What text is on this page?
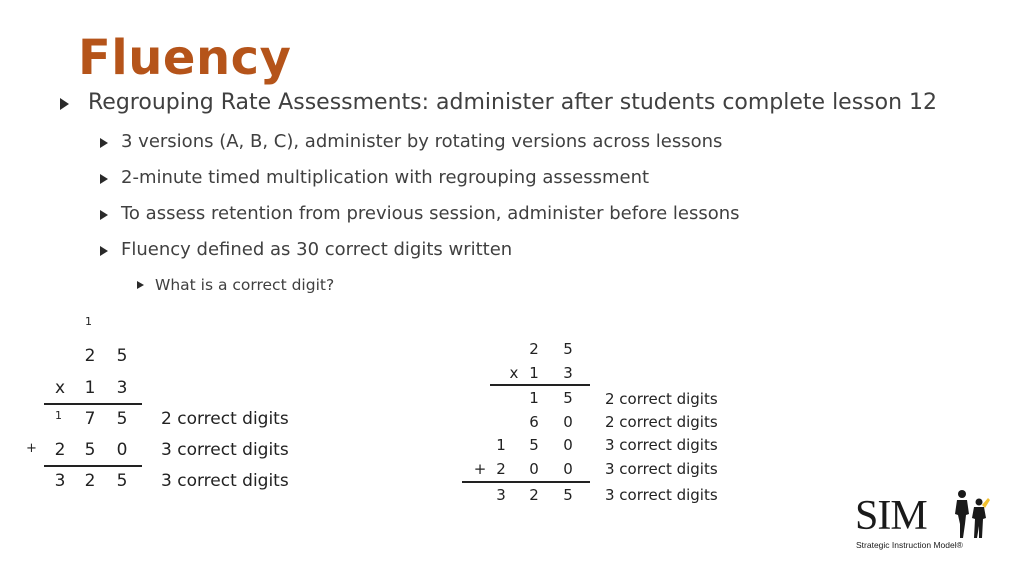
Fluency
Regrouping Rate Assessments: administer after students complete lesson 12
3 versions (A, B, C), administer by rotating versions across lessons
2-minute timed multiplication with regrouping assessment
To assess retention from previous session, administer before lessons
Fluency defined as 30 correct digits written
What is a correct digit?
1
2 5
x 1 3
1 7 5
+ 2 5 0
3 2 5
2 correct digits
3 correct digits
3 correct digits
2 5
x 1 3
1 5
6 0
1 5 0
+ 2 0 0
3 2 5
2 correct digits
2 correct digits
3 correct digits
3 correct digits
3 correct digits	SIM
Strategic Instruction Model®
